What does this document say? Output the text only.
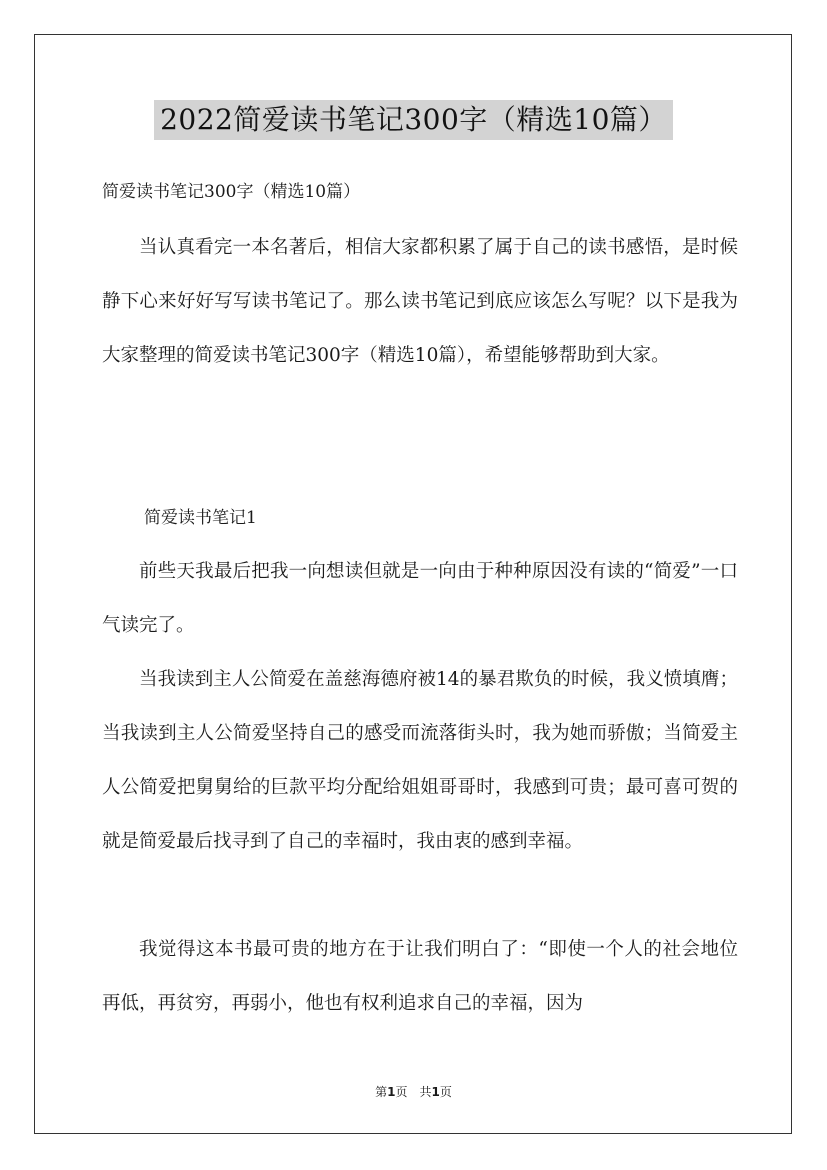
2022简爱读书笔记300字（精选10篇）
简爱读书笔记300字（精选10篇）

当认真看完一本名著后，相信大家都积累了属于自己的读书感悟，是时候静下心来好好写写读书笔记了。那么读书笔记到底应该怎么写呢？以下是我为大家整理的简爱读书笔记300字（精选10篇），希望能够帮助到大家。

简爱读书笔记1

前些天我最后把我一向想读但就是一向由于种种原因没有读的“简爱”一口气读完了。

当我读到主人公简爱在盖慈海德府被14的暴君欺负的时候，我义愤填膺；当我读到主人公简爱坚持自己的感受而流落街头时，我为她而骄傲；当简爱主人公简爱把舅舅给的巨款平均分配给姐姐哥哥时，我感到可贵；最可喜可贺的就是简爱最后找寻到了自己的幸福时，我由衷的感到幸福。

我觉得这本书最可贵的地方在于让我们明白了：“即使一个人的社会地位再低，再贫穷，再弱小，他也有权利追求自己的幸福，因为

第1页　共1页
